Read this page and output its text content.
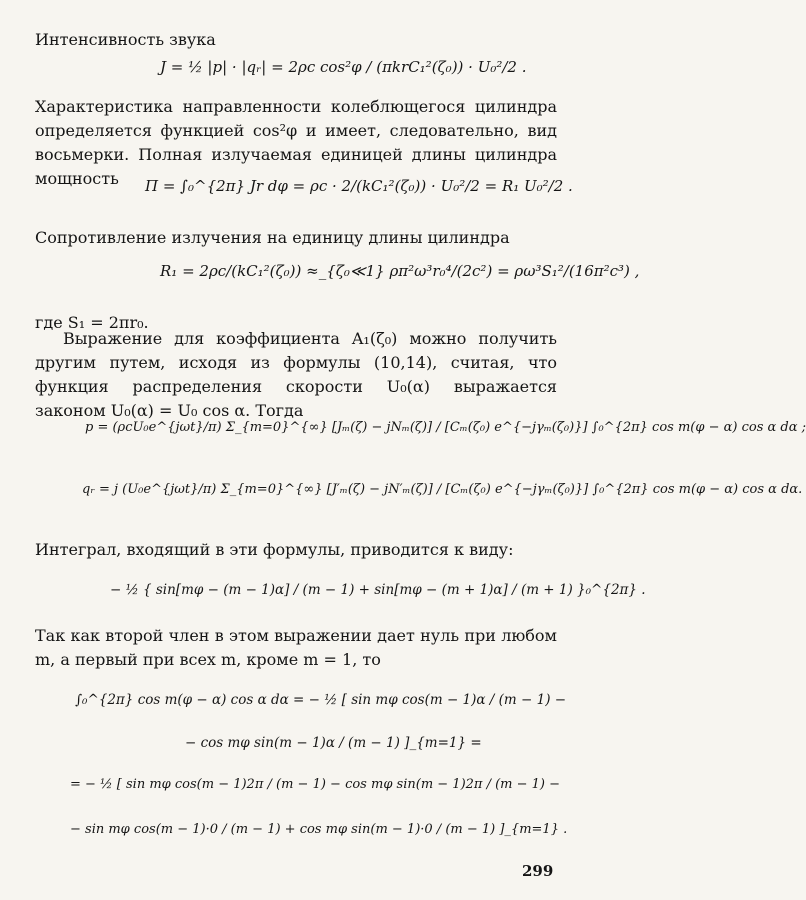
Интенсивность звука
J = ½ |p| · |qᵣ| = 2ρc cos²φ / (πkrC₁²(ζ₀)) · U₀²/2 .
Характеристика направленности колеблющегося цилиндра определяется функцией cos²φ и имеет, следовательно, вид восьмерки. Полная излучаемая единицей длины цилиндра мощность	Π = ∫₀^{2π} Jr dφ = ρc · 2/(kC₁²(ζ₀)) · U₀²/2 = R₁ U₀²/2 .
Сопротивление излучения на единицу длины цилиндра
R₁ = 2ρc/(kC₁²(ζ₀)) ≈_{ζ₀≪1} ρπ²ω³r₀⁴/(2c²) = ρω³S₁²/(16π²c³) ,
где S₁ = 2πr₀.
Выражение для коэффициента A₁(ζ₀) можно получить другим путем, исходя из формулы (10,14), считая, что функция распределения скорости U₀(α) выражается законом U₀(α) = U₀ cos α. Тогда
p = (ρcU₀e^{jωt}/π) Σ_{m=0}^{∞} [Jₘ(ζ) − jNₘ(ζ)] / [Cₘ(ζ₀) e^{−jγₘ(ζ₀)}] ∫₀^{2π} cos m(φ − α) cos α dα ;
qᵣ = j (U₀e^{jωt}/π) Σ_{m=0}^{∞} [J′ₘ(ζ) − jN′ₘ(ζ)] / [Cₘ(ζ₀) e^{−jγₘ(ζ₀)}] ∫₀^{2π} cos m(φ − α) cos α dα.
Интеграл, входящий в эти формулы, приводится к виду:
− ½ { sin[mφ − (m − 1)α] / (m − 1) + sin[mφ − (m + 1)α] / (m + 1) }₀^{2π} .
Так как второй член в этом выражении дает нуль при любом m, а первый при всех m, кроме m = 1, то
∫₀^{2π} cos m(φ − α) cos α dα = − ½ [ sin mφ cos(m − 1)α / (m − 1) −
− cos mφ sin(m − 1)α / (m − 1) ]_{m=1} =
= − ½ [ sin mφ cos(m − 1)2π / (m − 1) − cos mφ sin(m − 1)2π / (m − 1) −
− sin mφ cos(m − 1)·0 / (m − 1) + cos mφ sin(m − 1)·0 / (m − 1) ]_{m=1} .
299
